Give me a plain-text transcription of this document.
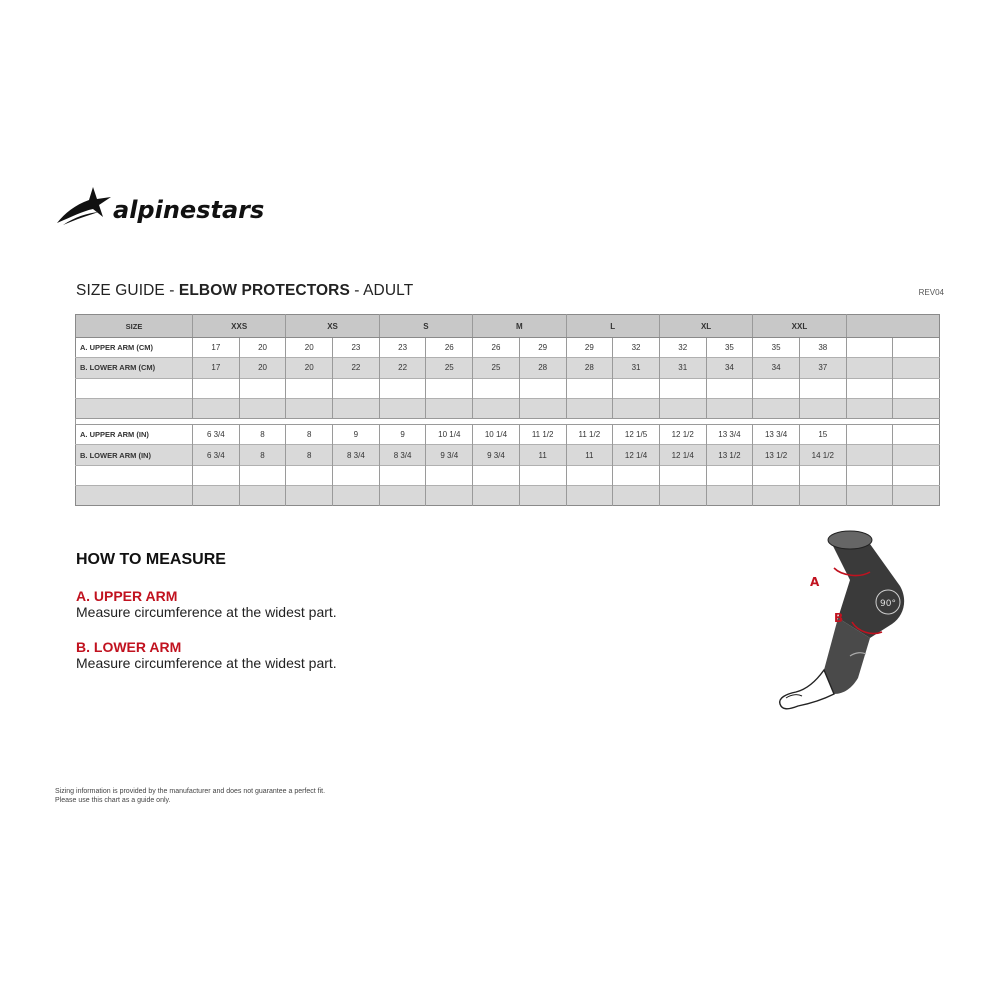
alpinestars
SIZE GUIDE - ELBOW PROTECTORS - ADULT	REV04
SIZE	XXS		XS		S		M		L		XL		XXL			
A. UPPER ARM (CM)	17	20	20	23	23	26	26	29	29	32	32	35	35	38		
B. LOWER ARM (CM)	17	20	20	22	22	25	25	28	28	31	31	34	34	37		

A. UPPER ARM (IN)	6 3/4	8	8	9	9	10 1/4	10 1/4	11 1/2	11 1/2	12 1/5	12 1/2	13 3/4	13 3/4	15		
B. LOWER ARM (IN)	6 3/4	8	8	8 3/4	8 3/4	9 3/4	9 3/4	11	11	12 1/4	12 1/4	13 1/2	13 1/2	14 1/2		

HOW TO MEASURE
A. UPPER ARM
Measure circumference at the widest part.
B. LOWER ARM
Measure circumference at the widest part.
90°
A
B
Sizing information is provided by the manufacturer and does not guarantee a perfect fit.
Please use this chart as a guide only.
